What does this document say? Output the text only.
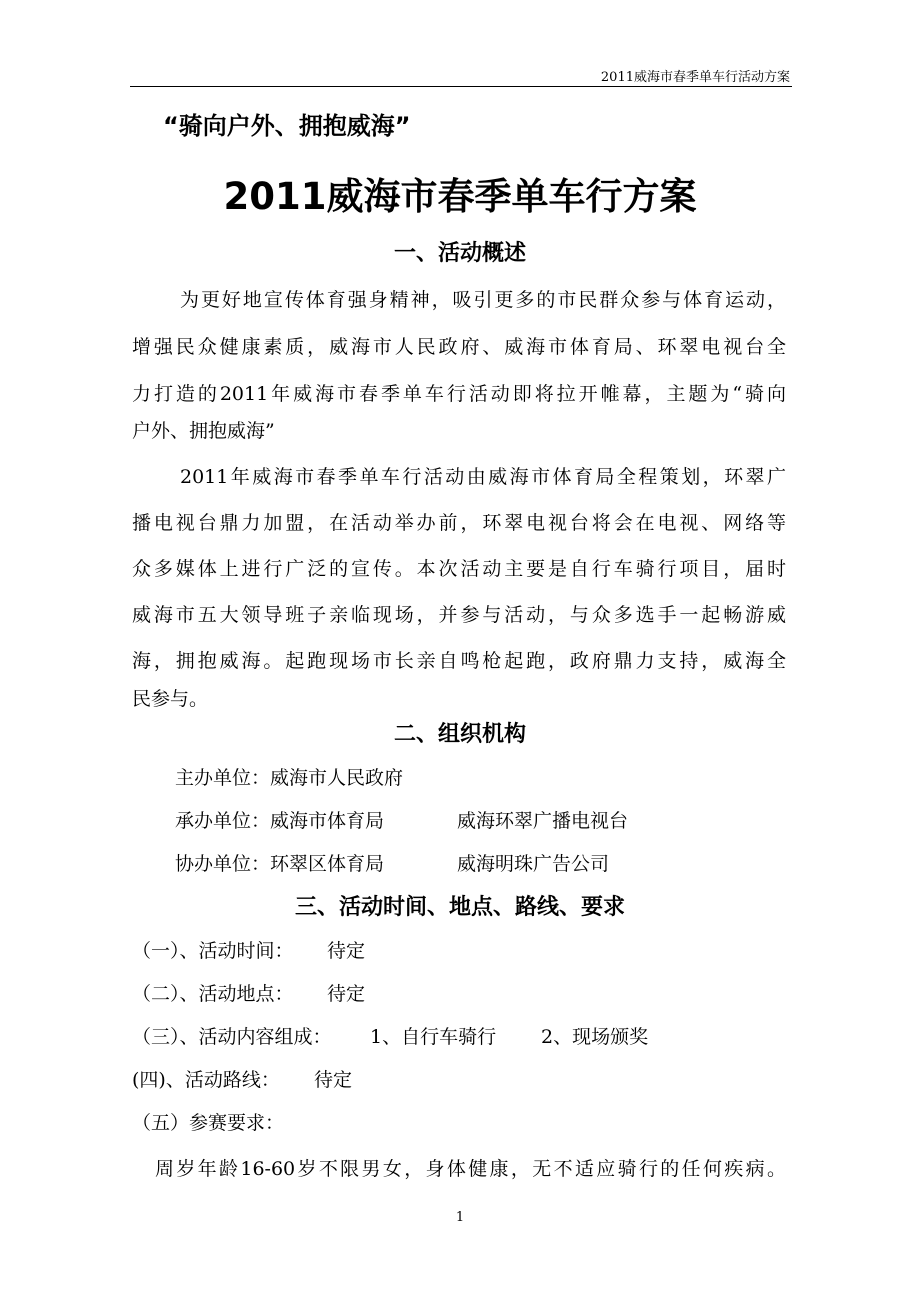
2011威海市春季单车行活动方案
“骑向户外、拥抱威海”
2011威海市春季单车行方案
一、活动概述
为更好地宣传体育强身精神，吸引更多的市民群众参与体育运动，
增强民众健康素质，威海市人民政府、威海市体育局、环翠电视台全
力打造的2011年威海市春季单车行活动即将拉开帷幕，主题为“骑向
户外、拥抱威海”
2011年威海市春季单车行活动由威海市体育局全程策划，环翠广
播电视台鼎力加盟，在活动举办前，环翠电视台将会在电视、网络等
众多媒体上进行广泛的宣传。本次活动主要是自行车骑行项目，届时
威海市五大领导班子亲临现场，并参与活动，与众多选手一起畅游威
海，拥抱威海。起跑现场市长亲自鸣枪起跑，政府鼎力支持，威海全
民参与。
二、组织机构
主办单位：威海市人民政府
承办单位：威海市体育局	威海环翠广播电视台
协办单位：环翠区体育局	威海明珠广告公司
三、活动时间、地点、路线、要求
（一）、活动时间： 待定
（二）、活动地点： 待定
（三）、活动内容组成： 1、自行车骑行 2、现场颁奖
(四)、活动路线： 待定
（五）参赛要求：
周岁年龄16-60岁不限男女，身体健康，无不适应骑行的任何疾病。
1
